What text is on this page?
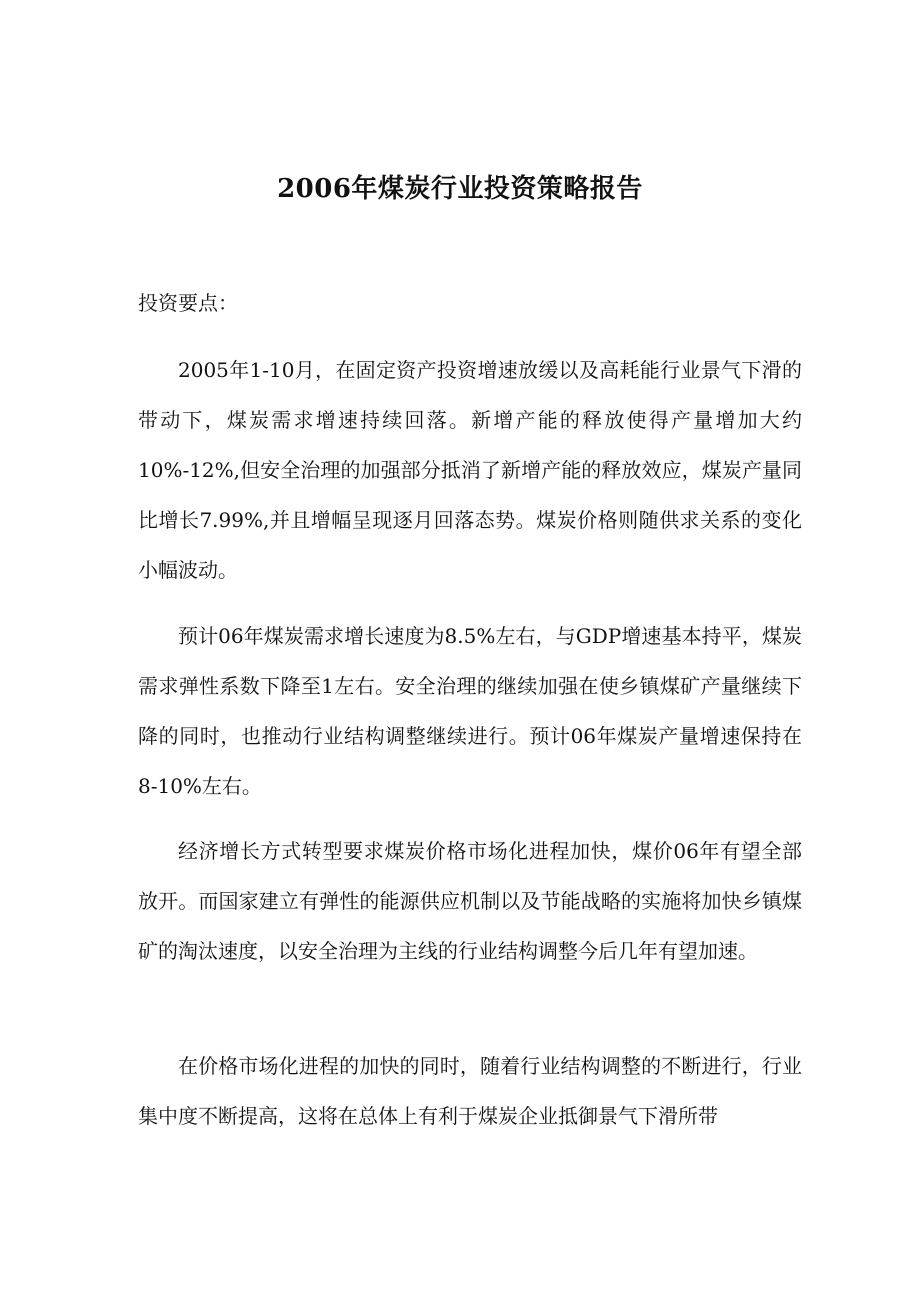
2006年煤炭行业投资策略报告

投资要点：

2005年1-10月，在固定资产投资增速放缓以及高耗能行业景气下滑的带动下，煤炭需求增速持续回落。新增产能的释放使得产量增加大约10%-12%,但安全治理的加强部分抵消了新增产能的释放效应，煤炭产量同比增长7.99%,并且增幅呈现逐月回落态势。煤炭价格则随供求关系的变化小幅波动。

预计06年煤炭需求增长速度为8.5%左右，与GDP增速基本持平，煤炭需求弹性系数下降至1左右。安全治理的继续加强在使乡镇煤矿产量继续下降的同时，也推动行业结构调整继续进行。预计06年煤炭产量增速保持在8-10%左右。

经济增长方式转型要求煤炭价格市场化进程加快，煤价06年有望全部放开。而国家建立有弹性的能源供应机制以及节能战略的实施将加快乡镇煤矿的淘汰速度，以安全治理为主线的行业结构调整今后几年有望加速。

在价格市场化进程的加快的同时，随着行业结构调整的不断进行，行业集中度不断提高，这将在总体上有利于煤炭企业抵御景气下滑所带
